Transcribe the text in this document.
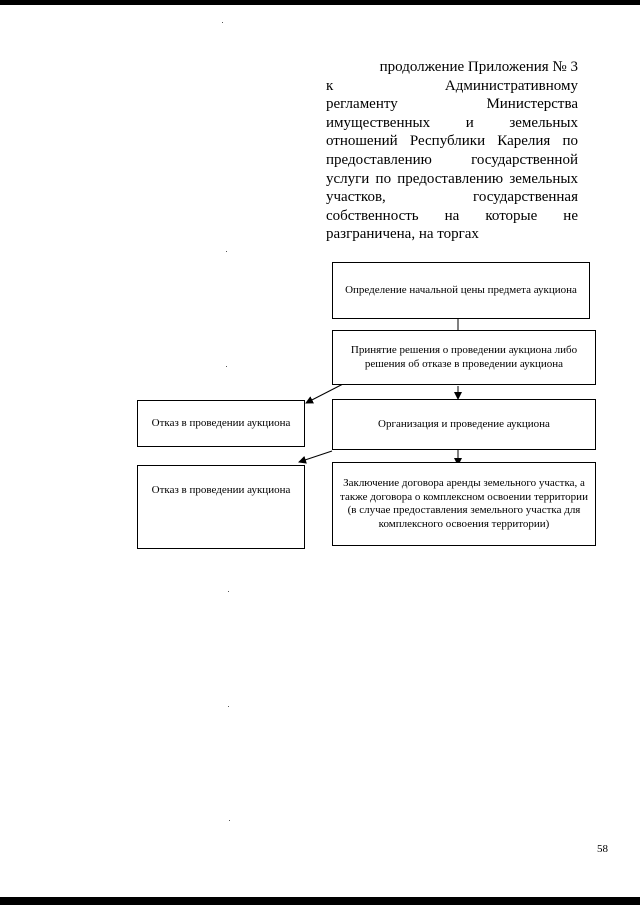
продолжение Приложения № 3
к Административному
регламенту Министерства
имущественных и земельных
отношений Республики Карелия по
предоставлению государственной
услуги по предоставлению земельных
участков, государственная
собственность на которые не
разграничена, на торгах
Определение начальной цены предмета аукциона
Принятие решения о проведении аукциона либо решения об отказе в проведении аукциона
Организация и проведение аукциона
Заключение договора аренды земельного участка, а также договора о комплексном освоении территории (в случае предоставления земельного участка для комплексного освоения территории)
Отказ в проведении аукциона
Отказ в проведении аукциона
58
